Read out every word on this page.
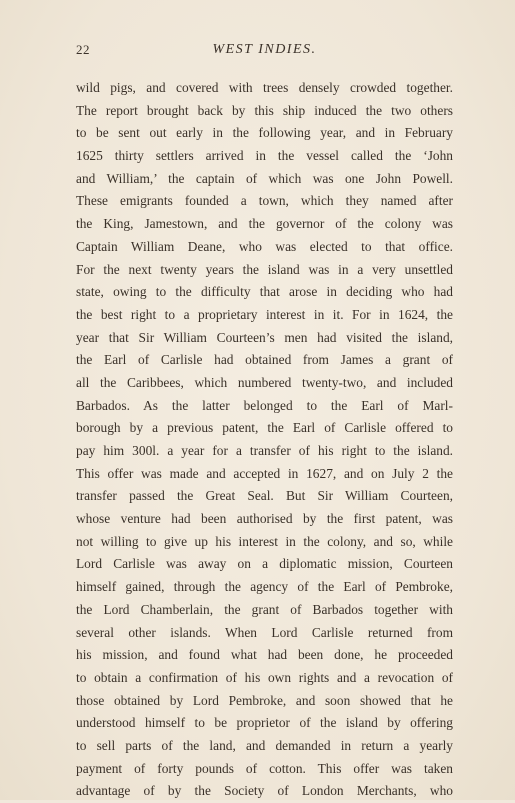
22	WEST INDIES.
wild pigs, and covered with trees densely crowded together.
The report brought back by this ship induced the two others
to be sent out early in the following year, and in February
1625 thirty settlers arrived in the vessel called the ‘John
and William,’ the captain of which was one John Powell.
These emigrants founded a town, which they named after
the King, Jamestown, and the governor of the colony was
Captain William Deane, who was elected to that office.
For the next twenty years the island was in a very unsettled
state, owing to the difficulty that arose in deciding who had
the best right to a proprietary interest in it. For in 1624, the
year that Sir William Courteen’s men had visited the island,
the Earl of Carlisle had obtained from James a grant of
all the Caribbees, which numbered twenty-two, and included
Barbados. As the latter belonged to the Earl of Marl-
borough by a previous patent, the Earl of Carlisle offered to
pay him 300l. a year for a transfer of his right to the island.
This offer was made and accepted in 1627, and on July 2 the
transfer passed the Great Seal. But Sir William Courteen,
whose venture had been authorised by the first patent, was
not willing to give up his interest in the colony, and so, while
Lord Carlisle was away on a diplomatic mission, Courteen
himself gained, through the agency of the Earl of Pembroke,
the Lord Chamberlain, the grant of Barbados together with
several other islands. When Lord Carlisle returned from
his mission, and found what had been done, he proceeded
to obtain a confirmation of his own rights and a revocation of
those obtained by Lord Pembroke, and soon showed that he
understood himself to be proprietor of the island by offering
to sell parts of the land, and demanded in return a yearly
payment of forty pounds of cotton. This offer was taken
advantage of by the Society of London Merchants, who
